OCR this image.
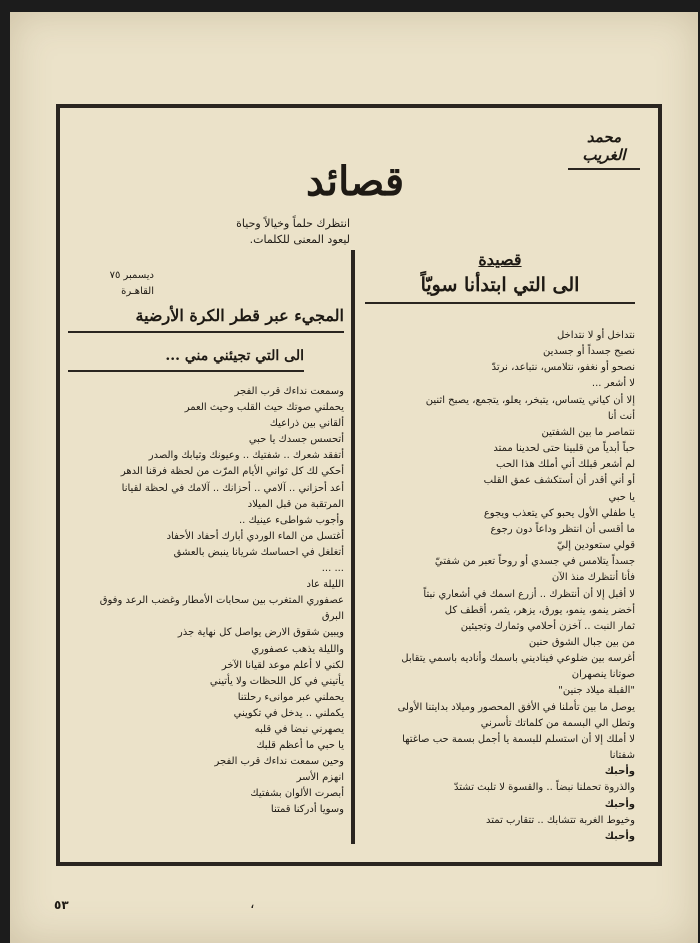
محمد الغريب
قصائد

انتظرك حلماً وخيالاً وحياة

ليعود المعنى للكلمات.

قصيدة

الى التي ابتدأنا سويّاً

نتداخل أو لا نتداخل

نصبح جسداً أو جسدين

نصحو أو نغفو، نتلامس، نتباعد، نرتدّ

لا أشعر ...

إلا أن كياني يتساس، يتبخر، يعلو، يتجمع، يصبح اثنين

أنت أنا

نتماصر ما بين الشفتين

حباً أبدياً من قلبينا حتى لحدينا ممتد

لم أشعر قبلك أني أملك هذا الحب

أو أني أقدر أن أستكشف عمق القلب

يا حبي

يا طفلي الأول يحبو كي يتعذب ويجوع

ما أقسى أن انتظر وداعاً دون رجوع

قولي ستعودين إليّ

جسداً يتلامس في جسدي أو روحاً تعبر من شفتيّ

فأنا أنتظرك منذ الآن

لا أقبل إلا أن أنتظرك .. أزرع اسمك في أشعاري نبتاً

أخضر ينمو، ينمو، يورق، يزهر، يثمر، أقطف كل

ثمار النبت .. آخزن أحلامي وثمارك وتجيئين

من بين جبال الشوق حنين

أغرسه بين ضلوعي فيناديني باسمك وأناديه باسمي يتقابل

صوتانا ينصهران

"القبلة ميلاد جنين"

يوصل ما بين تأملنا في الأفق المحصور وميلاد بدايتنا الأولى

وتطل الي البسمة من كلماتك تأسرني

لا أملك إلا أن استسلم للبسمة يا أجمل بسمة حب صاغتها

شفتانا

وأحبك

والذروة تحملنا نبضاً .. والقسوة لا تلبث تشتدّ

وأحبك

وخيوط الغربة تتشابك .. تتقارب تمتد

وأحبك

ديسمبر ٧٥

القاهـرة

المجيء عبر قطر الكرة الأرضية

الى التي تجيئني مني ...

وسمعت نداءك قرب الفجر

يحملني صوتك حيث القلب وحيث العمر

ألقاني بين ذراعيك

أتحسس جسدك يا حبي

أتفقد شعرك .. شفتيك .. وعيونك وثيابك والصدر

أحكي لك كل ثواني الأيام المرّت من لحظة فرقنا الدهر

أعد أحزاني .. آلامي .. أحزانك .. آلامك في لحظة لقيانا

المرتقبة من قبل الميلاد

وأجوب شواطىء عينيك ..

أغتسل من الماء الوردي أبارك أحفاد الأحفاد

أتغلغل في احساسك شريانا ينبض بالعشق

... ...

الليلة عاد

عصفوري المتغرب بين سحابات الأمطار وغضب الرعد وفوق

البرق

ويبين شقوق الارض يواصل كل نهاية جذر

والليلة يذهب عصفوري

لكني لا أعلم موعد لقيانا الآخر

يأتيني في كل اللحظات ولا يأتيني

يحملني عبر موانىء رحلتنا

يكملني .. يدخل في تكويني

يصهرني نبضا في قلبه

يا حبي ما أعظم قلبك

وحين سمعت نداءك قرب الفجر

انهزم الأسر

أبصرت الألوان بشفتيك

وسويا أدركنا قمتنا

٥٣	،
